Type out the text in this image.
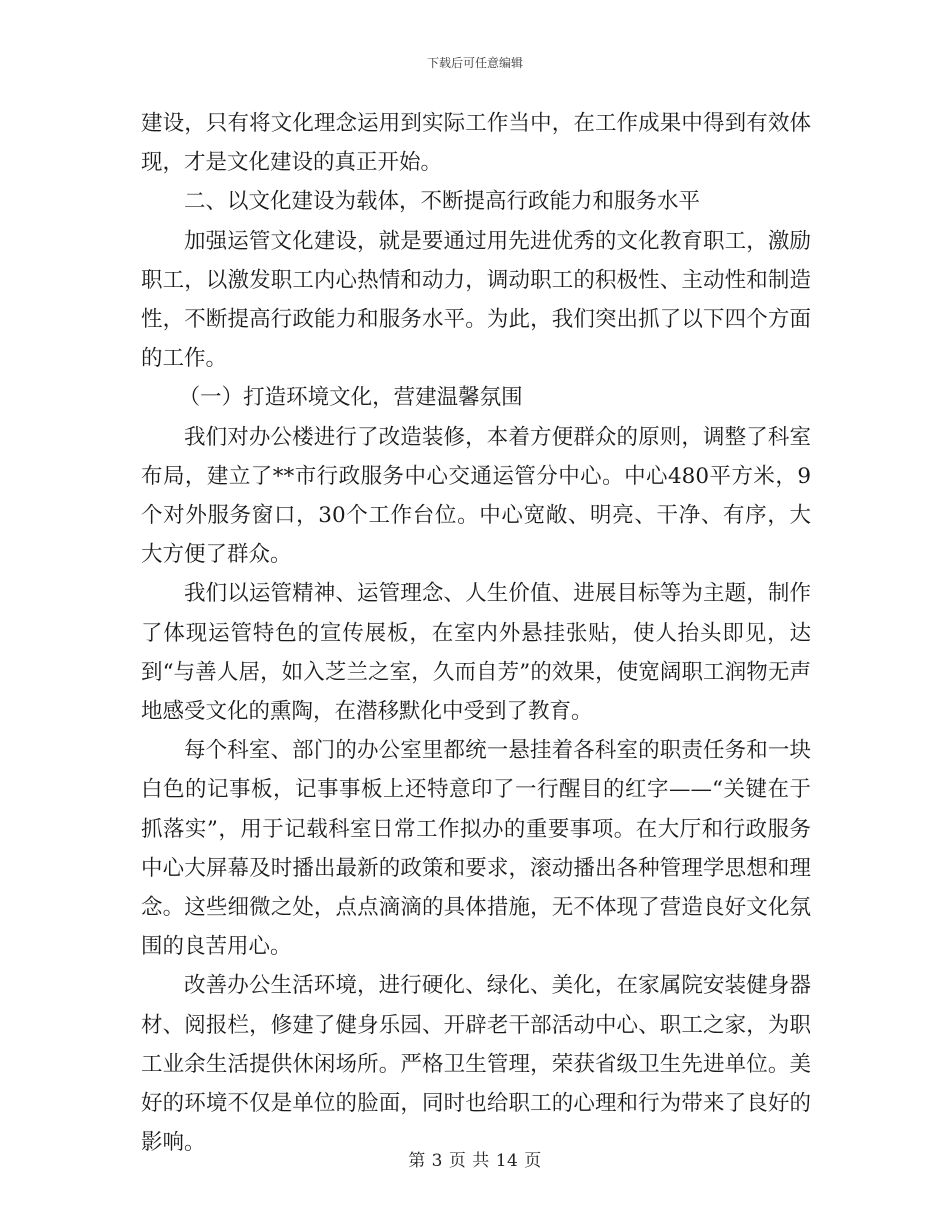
下载后可任意编辑

建设，只有将文化理念运用到实际工作当中，在工作成果中得到有效体现，才是文化建设的真正开始。

二、以文化建设为载体，不断提高行政能力和服务水平

加强运管文化建设，就是要通过用先进优秀的文化教育职工，激励职工，以激发职工内心热情和动力，调动职工的积极性、主动性和制造性，不断提高行政能力和服务水平。为此，我们突出抓了以下四个方面的工作。

（一）打造环境文化，营建温馨氛围

我们对办公楼进行了改造装修，本着方便群众的原则，调整了科室布局，建立了**市行政服务中心交通运管分中心。中心480平方米，9个对外服务窗口，30个工作台位。中心宽敞、明亮、干净、有序，大大方便了群众。

我们以运管精神、运管理念、人生价值、进展目标等为主题，制作了体现运管特色的宣传展板，在室内外悬挂张贴，使人抬头即见，达到“与善人居，如入芝兰之室，久而自芳”的效果，使宽阔职工润物无声地感受文化的熏陶，在潜移默化中受到了教育。

每个科室、部门的办公室里都统一悬挂着各科室的职责任务和一块白色的记事板，记事事板上还特意印了一行醒目的红字——“关键在于抓落实”，用于记载科室日常工作拟办的重要事项。在大厅和行政服务中心大屏幕及时播出最新的政策和要求，滚动播出各种管理学思想和理念。这些细微之处，点点滴滴的具体措施，无不体现了营造良好文化氛围的良苦用心。

改善办公生活环境，进行硬化、绿化、美化，在家属院安装健身器材、阅报栏，修建了健身乐园、开辟老干部活动中心、职工之家，为职工业余生活提供休闲场所。严格卫生管理，荣获省级卫生先进单位。美好的环境不仅是单位的脸面，同时也给职工的心理和行为带来了良好的影响。

第 3 页 共 14 页
